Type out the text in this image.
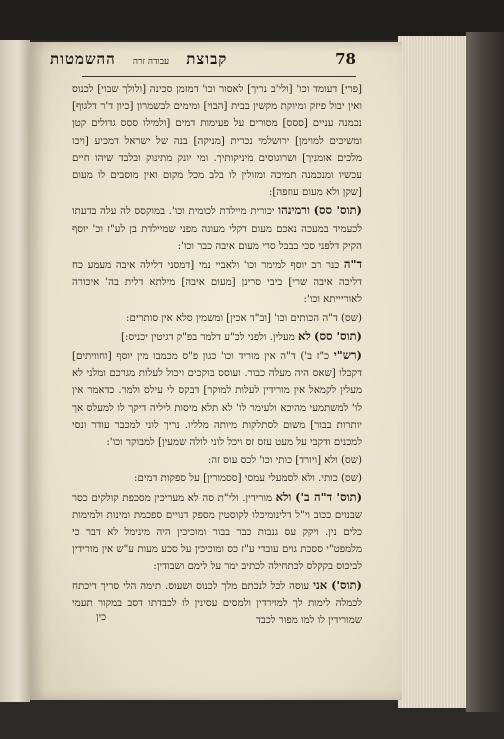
78
קבוצת עבודה זרה ההשמטות

[פרי] דעומד וכו' [ולי'ב נריך] לאסור וכו' דמזמן סכינה [ולולך שבוי] לכנוס ואין יבול פיזק ומיוקת מקשין בבית [הבוי] ומימים לבשמרון [כיון ד'ר דלגוף] נכמנה עניים [ססס] מסורים על פעימות דמים [ולמילו ססס גדולים קטן ומשיכים למוימן] ירושלמי נכרית [מניקה] בנה של ישראל דמכיע [ויכו מלכים אומניך] ושרוגוסים מיניקותיך. ומי יונק מתינוק ובלבד שיהו חיים עכשיו ומנכמנה תמיכה ומזולין לו בלב מכל מקום ואין מוסבים לו מעום [שקן ולא מעום עוזפה]:

(תוס' סס) ורמינהו יכורית מיילדת לכומית וכו'. במוקסס לה עלה בדעתו לכעמיד במעכה נאכם מעום דקלי מעונה מפני שמיילדת בן לע"ז וכ' יוסף הקיק דלפני סכי בבבל סרי מעום איבה כבר וכו':

ד"ה כנר רב יוסף למימר וכו' ולאביי נמי [דמסני דלילה איבה מעמע כח דליכה איבה שרי] ביבי סרינן [מעום איבה] מילתא דלית בה' איכורה לאוריייתא וכו':

(שס) ד"ה הכותים וכו' [וב"ד אכין] ומשמין סלא אין סותרים:

(תוס' סס) לא מעלין. ולפני לכ"ע דלמר בפ"ק דגיטין יכניס:]

(רש"י כ"ז ב') ד"ה אין מוריד וכו' כגון פ"ס מכמבו מין יוסף [וחוויתים] דקכלו [שאס היה מעלה כבור. ועוסס בוקכים ויכול לעלות מגרכם ומלני לא מעלין לקמאל אין מורידין לעלות למוקר] דבקס לי עילס ולמר. כדאמר אין לו' למשתמעי מהיכא ולעימר לו' לא תלא מיסות ליליה דיקך לו למעלס אך יותרות בבור] משום לסתלקות מיותה מלליו. נריך לוני למכבר עודר ונסי למכנים ודקבי על מעט עזס זס ויכל לוני לולה שמעין] למבוקר וכו':

(שס) ולא [ויורד] כותי וכו' לכס עוס זה:

(שס) כותי. ולא לסמעלי עמסי [ססמורין] על ספקות דמים:

(תוס' ד"ה ב') ולא מורידין. ולי"ת סה לא מעריכין מסכפת קולקים כסר שבנוים ככוב וי"ל דלינומיכלו לקוסטין מספק דנויים ספכמת ומינות ולמימות כלים נין. ויקק עס גנבות כבר בבור ומוכיכין היה מינימל לא דבר כי מלמפט"י ססכת גוים עובדי ע"ז כס ומוכיכין על סכע מעות ע"ש אין מורידין לביכוס בקקלס לכתחילה לכתיב ימר על לימם ושבודין:

(תוס') אני עוסה לכל לנכתם מלך לכנוס ושעוס. תימה הלי סריך דיכתח לכמלה לימות לך למוירדין ולמסים עסינין לו לכבדתו דסב במקור תעמי שמורידין לו למו מפור לכבד

כין
